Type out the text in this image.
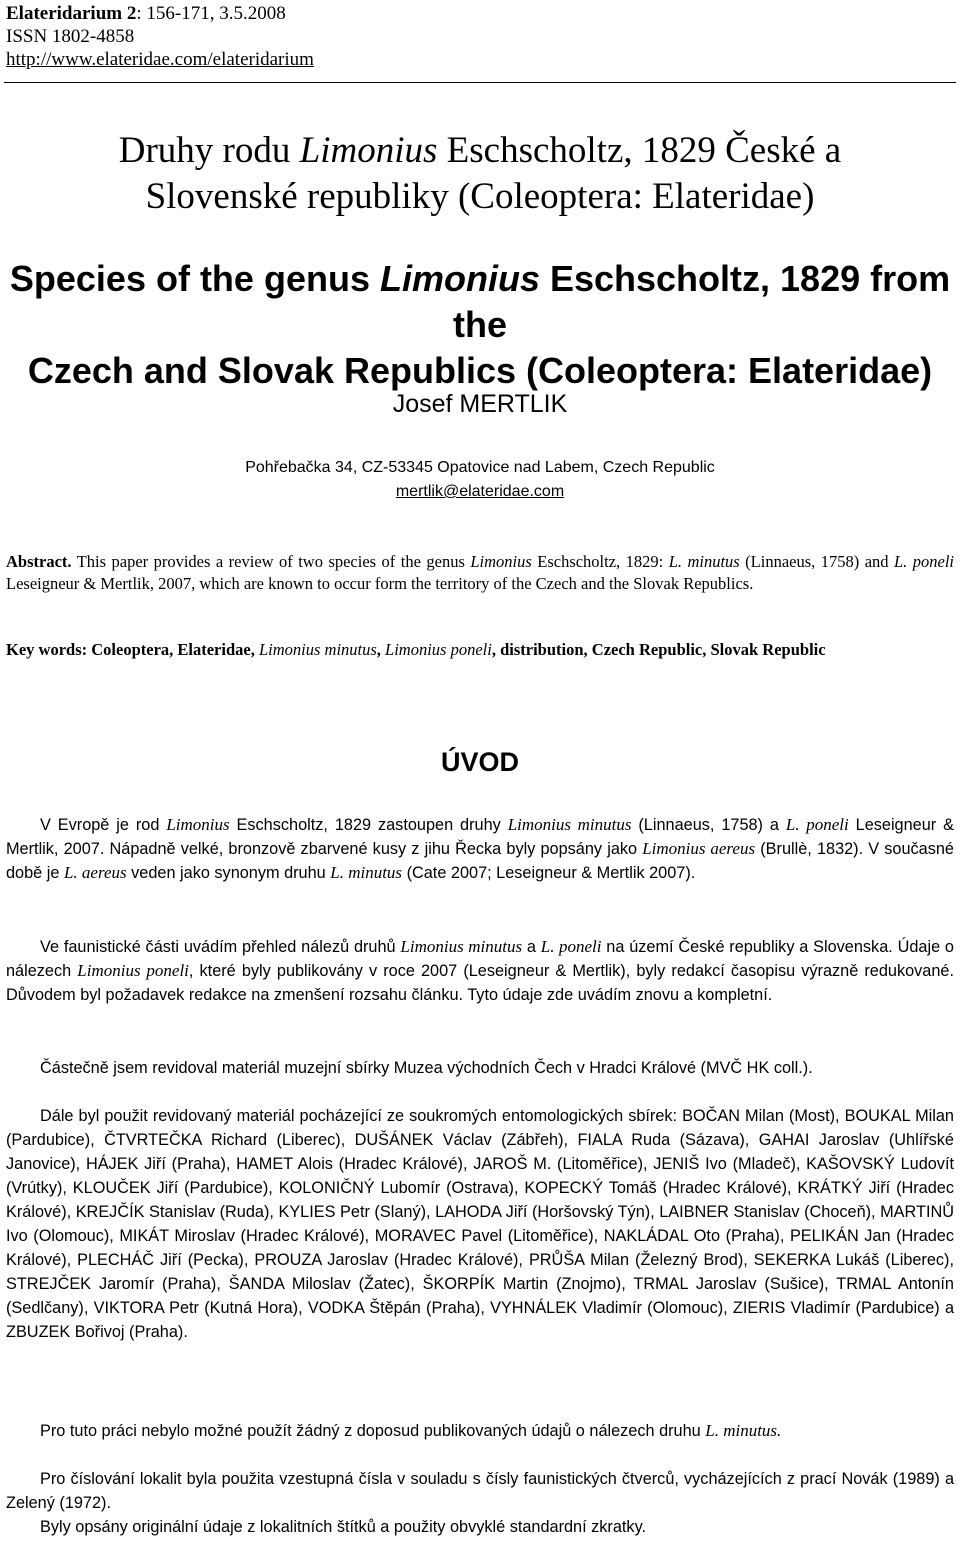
Elateridarium 2: 156-171, 3.5.2008
ISSN 1802-4858
http://www.elateridae.com/elateridarium
Druhy rodu Limonius Eschscholtz, 1829 České a
Slovenské republiky (Coleoptera: Elateridae)
Species of the genus Limonius Eschscholtz, 1829 from the
Czech and Slovak Republics (Coleoptera: Elateridae)
Josef MERTLIK
Pohřebačka 34, CZ-53345 Opatovice nad Labem, Czech Republic
mertlik@elateridae.com
Abstract. This paper provides a review of two species of the genus Limonius Eschscholtz, 1829: L. minutus (Linnaeus, 1758) and L. poneli Leseigneur & Mertlik, 2007, which are known to occur form the territory of the Czech and the Slovak Republics.
Key words: Coleoptera, Elateridae, Limonius minutus, Limonius poneli, distribution, Czech Republic, Slovak Republic
ÚVOD
V Evropě je rod Limonius Eschscholtz, 1829 zastoupen druhy Limonius minutus (Linnaeus, 1758) a L. poneli Leseigneur & Mertlik, 2007. Nápadně velké, bronzově zbarvené kusy z jihu Řecka byly popsány jako Limonius aereus (Brullè, 1832). V současné době je L. aereus veden jako synonym druhu L. minutus (Cate 2007; Leseigneur & Mertlik 2007).
Ve faunistické části uvádím přehled nálezů druhů Limonius minutus a L. poneli na území České republiky a Slovenska. Údaje o nálezech Limonius poneli, které byly publikovány v roce 2007 (Leseigneur & Mertlik), byly redakcí časopisu výrazně redukované. Důvodem byl požadavek redakce na zmenšení rozsahu článku. Tyto údaje zde uvádím znovu a kompletní.
Částečně jsem revidoval materiál muzejní sbírky Muzea východních Čech v Hradci Králové (MVČ HK coll.).
Dále byl použit revidovaný materiál pocházející ze soukromých entomologických sbírek: BOČAN Milan (Most), BOUKAL Milan (Pardubice), ČTVRTEČKA Richard (Liberec), DUŠÁNEK Václav (Zábřeh), FIALA Ruda (Sázava), GAHAI Jaroslav (Uhlířské Janovice), HÁJEK Jiří (Praha), HAMET Alois (Hradec Králové), JAROŠ M. (Litoměřice), JENIŠ Ivo (Mladeč), KAŠOVSKÝ Ludovít (Vrútky), KLOUČEK Jiří (Pardubice), KOLONIČNÝ Lubomír (Ostrava), KOPECKÝ Tomáš (Hradec Králové), KRÁTKÝ Jiří (Hradec Králové), KREJČÍK Stanislav (Ruda), KYLIES Petr (Slaný), LAHODA Jiří (Horšovský Týn), LAIBNER Stanislav (Choceň), MARTINŮ Ivo (Olomouc), MIKÁT Miroslav (Hradec Králové), MORAVEC Pavel (Litoměřice), NAKLÁDAL Oto (Praha), PELIKÁN Jan (Hradec Králové), PLECHÁČ Jiří (Pecka), PROUZA Jaroslav (Hradec Králové), PRŮŠA Milan (Železný Brod), SEKERKA Lukáš (Liberec), STREJČEK Jaromír (Praha), ŠANDA Miloslav (Žatec), ŠKORPÍK Martin (Znojmo), TRMAL Jaroslav (Sušice), TRMAL Antonín (Sedlčany), VIKTORA Petr (Kutná Hora), VODKA Štěpán (Praha), VYHNÁLEK Vladimír (Olomouc), ZIERIS Vladimír (Pardubice) a ZBUZEK Bořivoj (Praha).
Pro tuto práci nebylo možné použít žádný z doposud publikovaných údajů o nálezech druhu L. minutus.
Pro číslování lokalit byla použita vzestupná čísla v souladu s čísly faunistických čtverců, vycházejících z prací Novák (1989) a Zelený (1972).
Byly opsány originální údaje z lokalitních štítků a použity obvyklé standardní zkratky.
